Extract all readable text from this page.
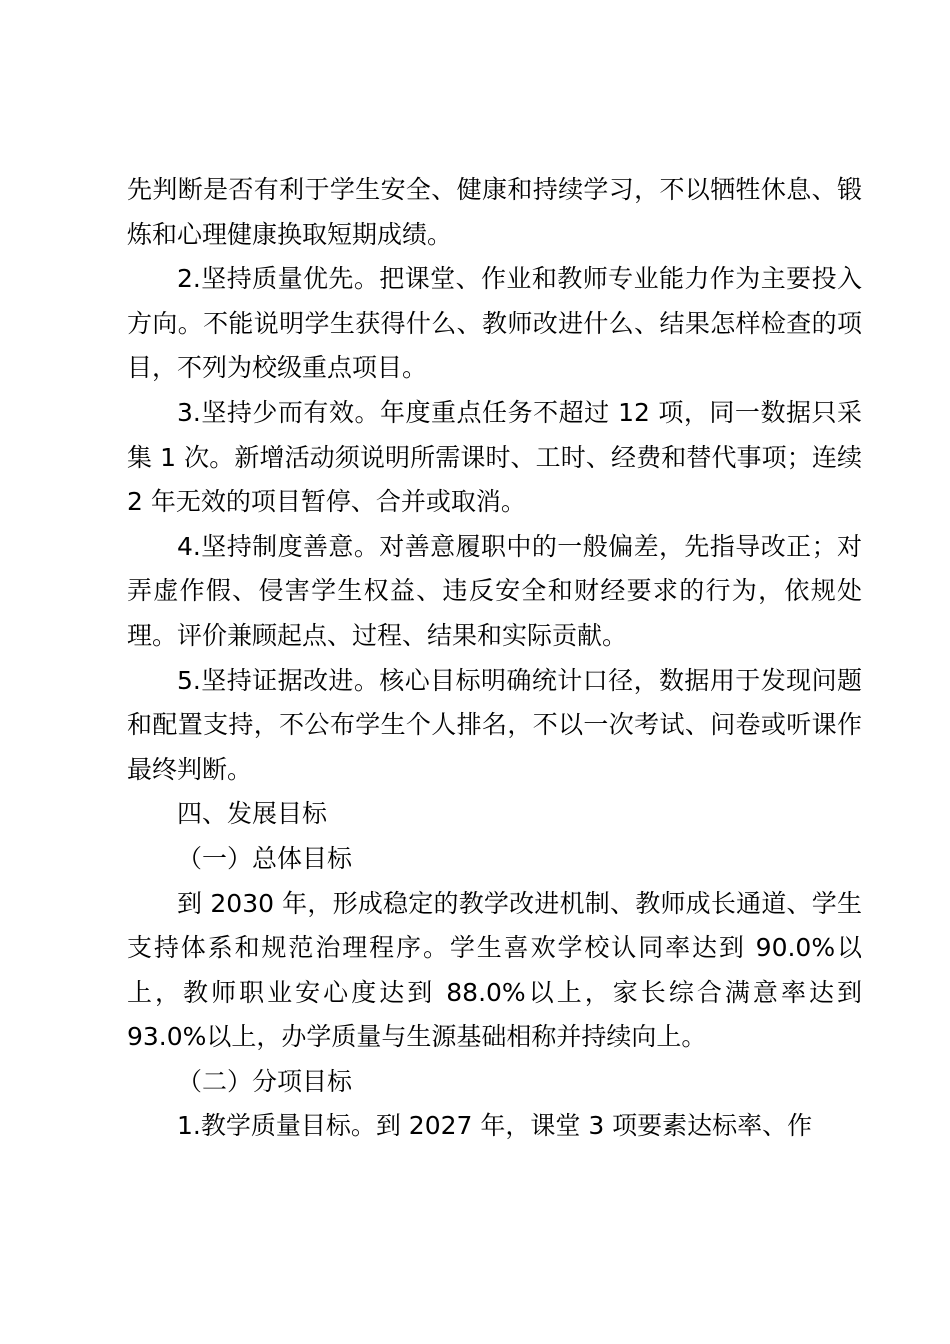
先判断是否有利于学生安全、健康和持续学习，不以牺牲休息、锻炼和心理健康换取短期成绩。

2.坚持质量优先。把课堂、作业和教师专业能力作为主要投入方向。不能说明学生获得什么、教师改进什么、结果怎样检查的项目，不列为校级重点项目。

3.坚持少而有效。年度重点任务不超过 12 项，同一数据只采集 1 次。新增活动须说明所需课时、工时、经费和替代事项；连续 2 年无效的项目暂停、合并或取消。

4.坚持制度善意。对善意履职中的一般偏差，先指导改正；对弄虚作假、侵害学生权益、违反安全和财经要求的行为，依规处理。评价兼顾起点、过程、结果和实际贡献。

5.坚持证据改进。核心目标明确统计口径，数据用于发现问题和配置支持，不公布学生个人排名，不以一次考试、问卷或听课作最终判断。

四、发展目标

（一）总体目标

到 2030 年，形成稳定的教学改进机制、教师成长通道、学生支持体系和规范治理程序。学生喜欢学校认同率达到 90.0%以上，教师职业安心度达到 88.0%以上，家长综合满意率达到 93.0%以上，办学质量与生源基础相称并持续向上。

（二）分项目标

1.教学质量目标。到 2027 年，课堂 3 项要素达标率、作
